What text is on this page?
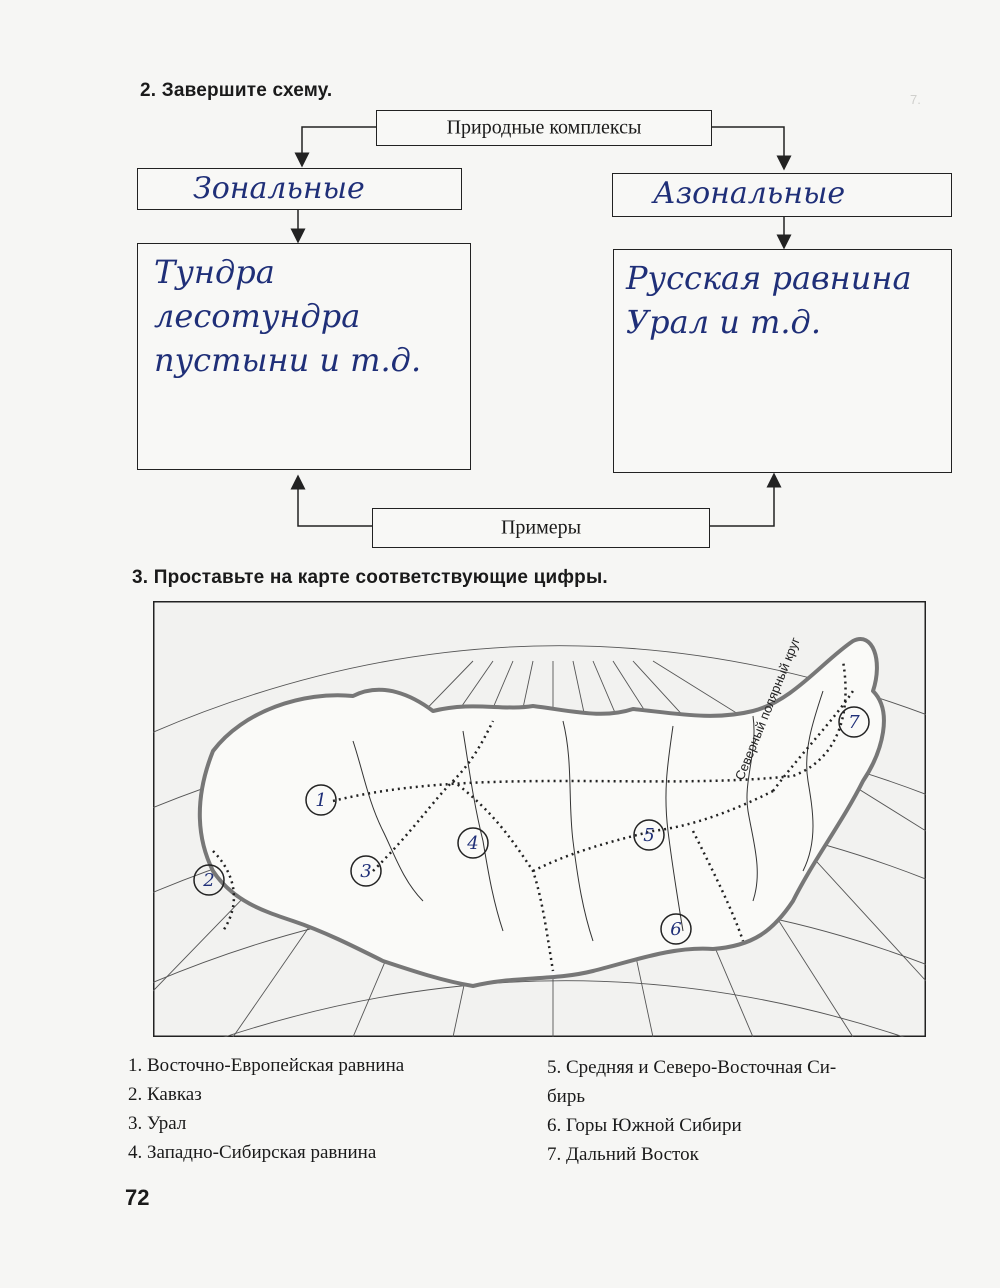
7.
2. Завершите схему.
Природные комплексы
Зональные	Азональные
Тундра
лесотундра
пустыни и т.д.
Русская равнина
Урал и т.д.
Примеры
3. Проставьте на карте соответствующие цифры.
Северный полярный круг
1
2	3
4	5
6
7
1. Восточно-Европейская равнина
2. Кавказ
3. Урал
4. Западно-Сибирская равнина
5. Средняя и Северо-Восточная Си-
бирь
6. Горы Южной Сибири
7. Дальний Восток
72
